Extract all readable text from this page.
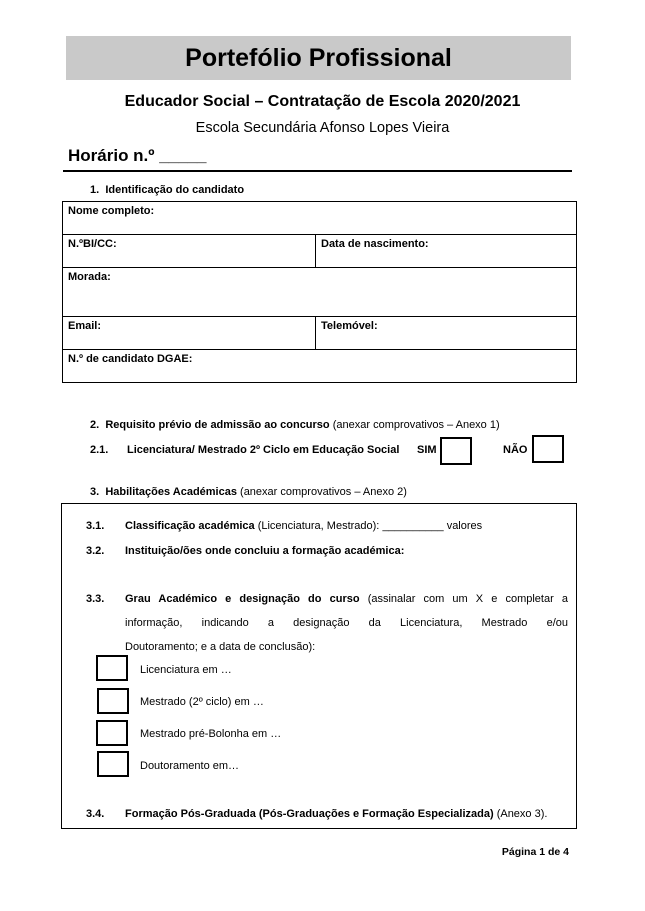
Portefólio Profissional
Educador Social – Contratação de Escola 2020/2021
Escola Secundária Afonso Lopes Vieira
Horário n.º _____
1. Identificação do candidato
Nome completo:	
N.ºBI/CC:	Data de nascimento:
Morada:	
Email:	Telemóvel:
N.º de candidato DGAE:	
2. Requisito prévio de admissão ao concurso (anexar comprovativos – Anexo 1)
2.1. Licenciatura/ Mestrado 2º Ciclo em Educação Social SIM	NÃO
3. Habilitações Académicas (anexar comprovativos – Anexo 2)
3.1. Classificação académica (Licenciatura, Mestrado): __________ valores
3.2. Instituição/ões onde concluiu a formação académica:
3.3. Grau Académico e designação do curso (assinalar com um X e completar a
informação, indicando a designação da Licenciatura, Mestrado e/ou
Doutoramento; e a data de conclusão):
Licenciatura em …
Mestrado (2º ciclo) em …
Mestrado pré-Bolonha em …
Doutoramento em…
3.4. Formação Pós-Graduada (Pós-Graduações e Formação Especializada) (Anexo 3).
Página 1 de 4
